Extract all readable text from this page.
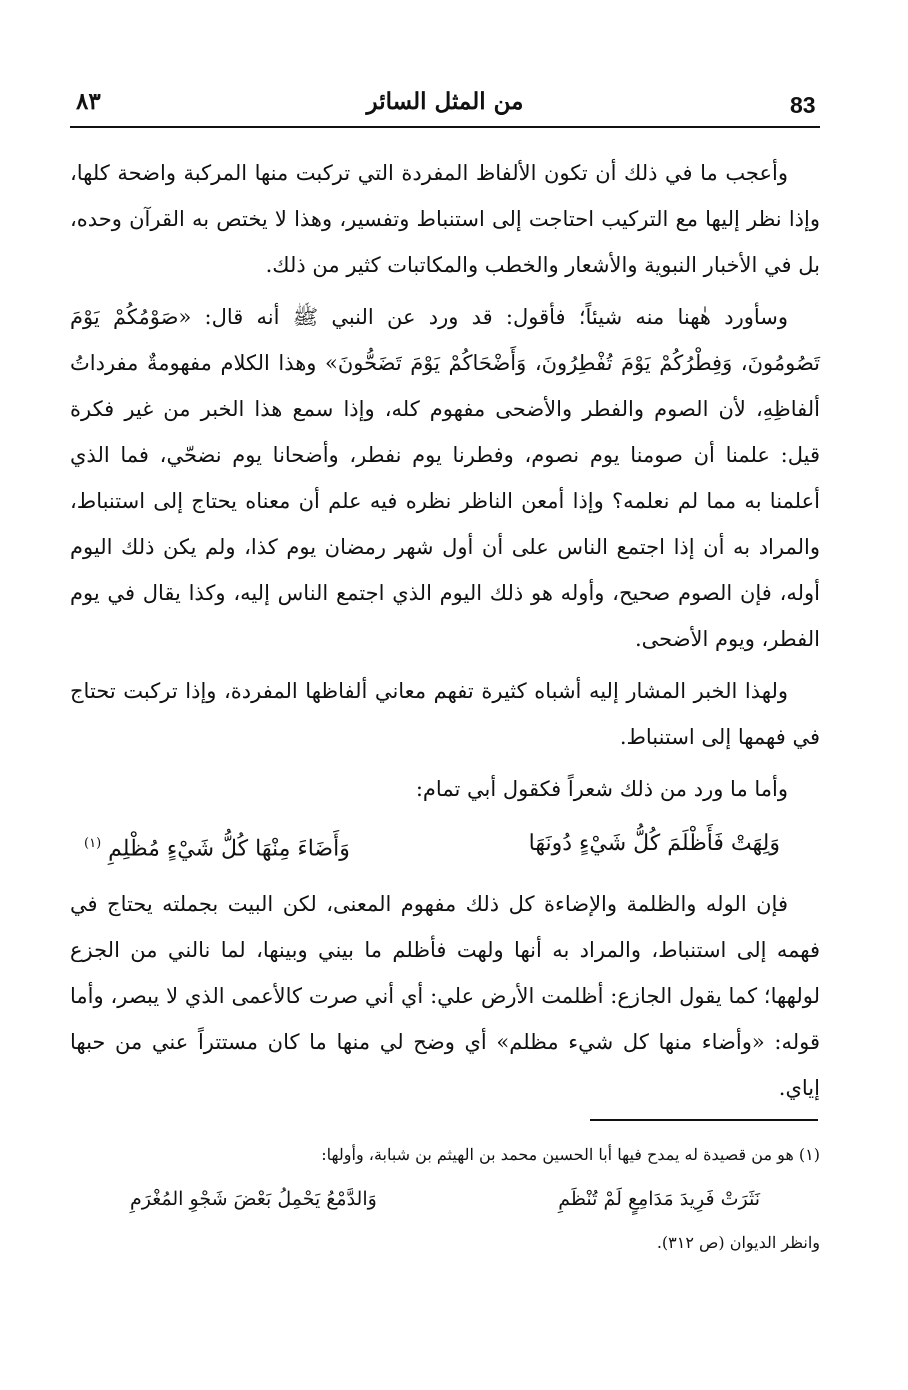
83
من المثل السائر
٨٣

وأعجب ما في ذلك أن تكون الألفاظ المفردة التي تركبت منها المركبة واضحة كلها، وإذا نظر إليها مع التركيب احتاجت إلى استنباط وتفسير، وهذا لا يختص به القرآن وحده، بل في الأخبار النبوية والأشعار والخطب والمكاتبات كثير من ذلك.

وسأورد هٰهنا منه شيئاً؛ فأقول: قد ورد عن النبي ﷺ أنه قال: «صَوْمُكُمْ يَوْمَ تَصُومُونَ، وَفِطْرُكُمْ يَوْمَ تُفْطِرُونَ، وَأَضْحَاكُمْ يَوْمَ تَضَحُّونَ» وهذا الكلام مفهومةٌ مفرداتُ ألفاظِهِ، لأن الصوم والفطر والأضحى مفهوم كله، وإذا سمع هذا الخبر من غير فكرة قيل: علمنا أن صومنا يوم نصوم، وفطرنا يوم نفطر، وأضحانا يوم نضحّي، فما الذي أعلمنا به مما لم نعلمه؟ وإذا أمعن الناظر نظره فيه علم أن معناه يحتاج إلى استنباط، والمراد به أن إذا اجتمع الناس على أن أول شهر رمضان يوم كذا، ولم يكن ذلك اليوم أوله، فإن الصوم صحيح، وأوله هو ذلك اليوم الذي اجتمع الناس إليه، وكذا يقال في يوم الفطر، ويوم الأضحى.

ولهذا الخبر المشار إليه أشباه كثيرة تفهم معاني ألفاظها المفردة، وإذا تركبت تحتاج في فهمها إلى استنباط.

وأما ما ورد من ذلك شعراً فكقول أبي تمام:

وَلِهَتْ فَأَظْلَمَ كُلُّ شَيْءٍ دُونَهَا
وَأَضَاءَ مِنْهَا كُلُّ شَيْءٍ مُظْلِمِ $^{(١)}$

فإن الوله والظلمة والإضاءة كل ذلك مفهوم المعنى، لكن البيت بجملته يحتاج في فهمه إلى استنباط، والمراد به أنها ولهت فأظلم ما بيني وبينها، لما نالني من الجزع لولهها؛ كما يقول الجازع: أظلمت الأرض علي: أي أني صرت كالأعمى الذي لا يبصر، وأما قوله: «وأضاء منها كل شيء مظلم» أي وضح لي منها ما كان مستتراً عني من حبها إياي.

(١) هو من قصيدة له يمدح فيها أبا الحسين محمد بن الهيثم بن شبابة، وأولها:
نَثَرَتْ فَرِيدَ مَدَامِعٍ لَمْ تُنْظَمِ
وَالدَّمْعُ يَحْمِلُ بَعْضَ شَجْوِ المُغْرَمِ
وانظر الديوان (ص ٣١٢).
